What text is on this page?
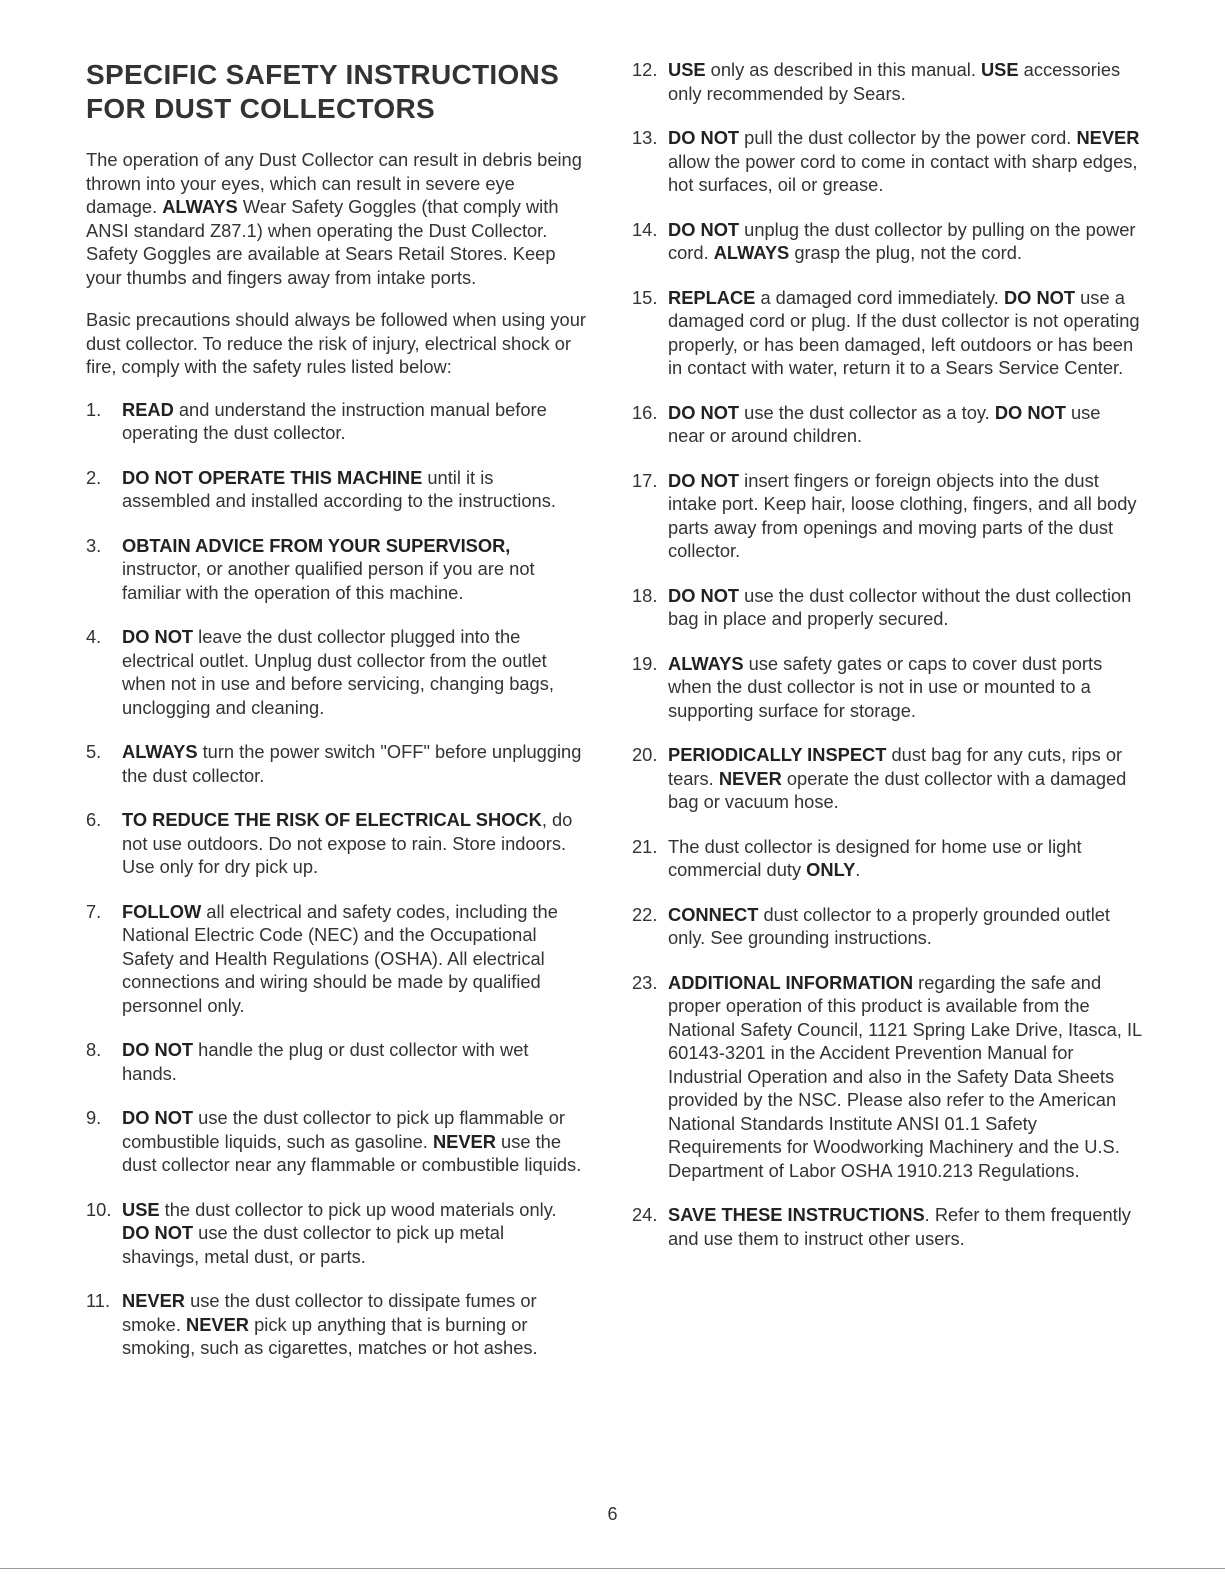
SPECIFIC SAFETY INSTRUCTIONS
FOR DUST COLLECTORS

The operation of any Dust Collector can result in debris being thrown into your eyes, which can result in severe eye damage. ALWAYS Wear Safety Goggles (that comply with ANSI standard Z87.1) when operating the Dust Collector. Safety Goggles are available at Sears Retail Stores. Keep your thumbs and fingers away from intake ports.

Basic precautions should always be followed when using your dust collector. To reduce the risk of injury, electrical shock or fire, comply with the safety rules listed below:

1.	READ and understand the instruction manual before operating the dust collector.
2.	DO NOT OPERATE THIS MACHINE until it is assembled and installed according to the instructions.
3.	OBTAIN ADVICE FROM YOUR SUPERVISOR, instructor, or another qualified person if you are not familiar with the operation of this machine.
4.	DO NOT leave the dust collector plugged into the electrical outlet. Unplug dust collector from the outlet when not in use and before servicing, changing bags, unclogging and cleaning.
5.	ALWAYS turn the power switch "OFF" before unplugging the dust collector.
6.	TO REDUCE THE RISK OF ELECTRICAL SHOCK, do not use outdoors. Do not expose to rain. Store indoors. Use only for dry pick up.
7.	FOLLOW all electrical and safety codes, including the National Electric Code (NEC) and the Occupational Safety and Health Regulations (OSHA). All electrical connections and wiring should be made by qualified personnel only.
8.	DO NOT handle the plug or dust collector with wet hands.
9.	DO NOT use the dust collector to pick up flammable or combustible liquids, such as gasoline. NEVER use the dust collector near any flammable or combustible liquids.
10. USE the dust collector to pick up wood materials only. DO NOT use the dust collector to pick up metal shavings, metal dust, or parts.
11. NEVER use the dust collector to dissipate fumes or smoke. NEVER pick up anything that is burning or smoking, such as cigarettes, matches or hot ashes.
12. USE only as described in this manual. USE accessories only recommended by Sears.
13. DO NOT pull the dust collector by the power cord. NEVER allow the power cord to come in contact with sharp edges, hot surfaces, oil or grease.
14. DO NOT unplug the dust collector by pulling on the power cord. ALWAYS grasp the plug, not the cord.
15. REPLACE a damaged cord immediately. DO NOT use a damaged cord or plug. If the dust collector is not operating properly, or has been damaged, left outdoors or has been in contact with water, return it to a Sears Service Center.
16. DO NOT use the dust collector as a toy. DO NOT use near or around children.
17. DO NOT insert fingers or foreign objects into the dust intake port. Keep hair, loose clothing, fingers, and all body parts away from openings and moving parts of the dust collector.
18. DO NOT use the dust collector without the dust collection bag in place and properly secured.
19. ALWAYS use safety gates or caps to cover dust ports when the dust collector is not in use or mounted to a supporting surface for storage.
20. PERIODICALLY INSPECT dust bag for any cuts, rips or tears. NEVER operate the dust collector with a damaged bag or vacuum hose.
21. The dust collector is designed for home use or light commercial duty ONLY.
22. CONNECT dust collector to a properly grounded outlet only. See grounding instructions.
23. ADDITIONAL INFORMATION regarding the safe and proper operation of this product is available from the National Safety Council, 1121 Spring Lake Drive, Itasca, IL 60143-3201 in the Accident Prevention Manual for Industrial Operation and also in the Safety Data Sheets provided by the NSC. Please also refer to the American National Standards Institute ANSI 01.1 Safety Requirements for Woodworking Machinery and the U.S. Department of Labor OSHA 1910.213 Regulations.
24. SAVE THESE INSTRUCTIONS. Refer to them frequently and use them to instruct other users.
6
